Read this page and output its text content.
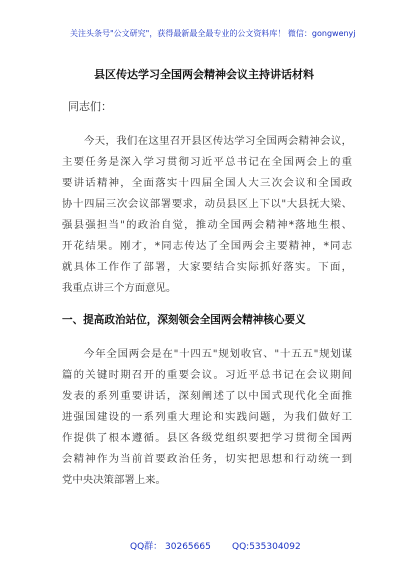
关注头条号"公文研究"，获得最新最全最专业的公文资料库！ 微信：gongwenyj
县区传达学习全国两会精神会议主持讲话材料
同志们：
今天，我们在这里召开县区传达学习全国两会精神会议，
主要任务是深入学习贯彻习近平总书记在全国两会上的重
要讲话精神，全面落实十四届全国人大三次会议和全国政
协十四届三次会议部署要求，动员县区上下以"大县抚大梁、
强县强担当"的政治自觉，推动全国两会精神*落地生根、
开花结果。刚才，*同志传达了全国两会主要精神，*同志
就具体工作作了部署，大家要结合实际抓好落实。下面，
我重点讲三个方面意见。
一、提高政治站位，深刻领会全国两会精神核心要义
今年全国两会是在"十四五"规划收官、"十五五"规划谋
篇的关键时期召开的重要会议。习近平总书记在会议期间
发表的系列重要讲话，深刻阐述了以中国式现代化全面推
进强国建设的一系列重大理论和实践问题，为我们做好工
作提供了根本遵循。县区各级党组织要把学习贯彻全国两
会精神作为当前首要政治任务，切实把思想和行动统一到
党中央决策部署上来。
QQ群： 30265665 QQ:535304092
